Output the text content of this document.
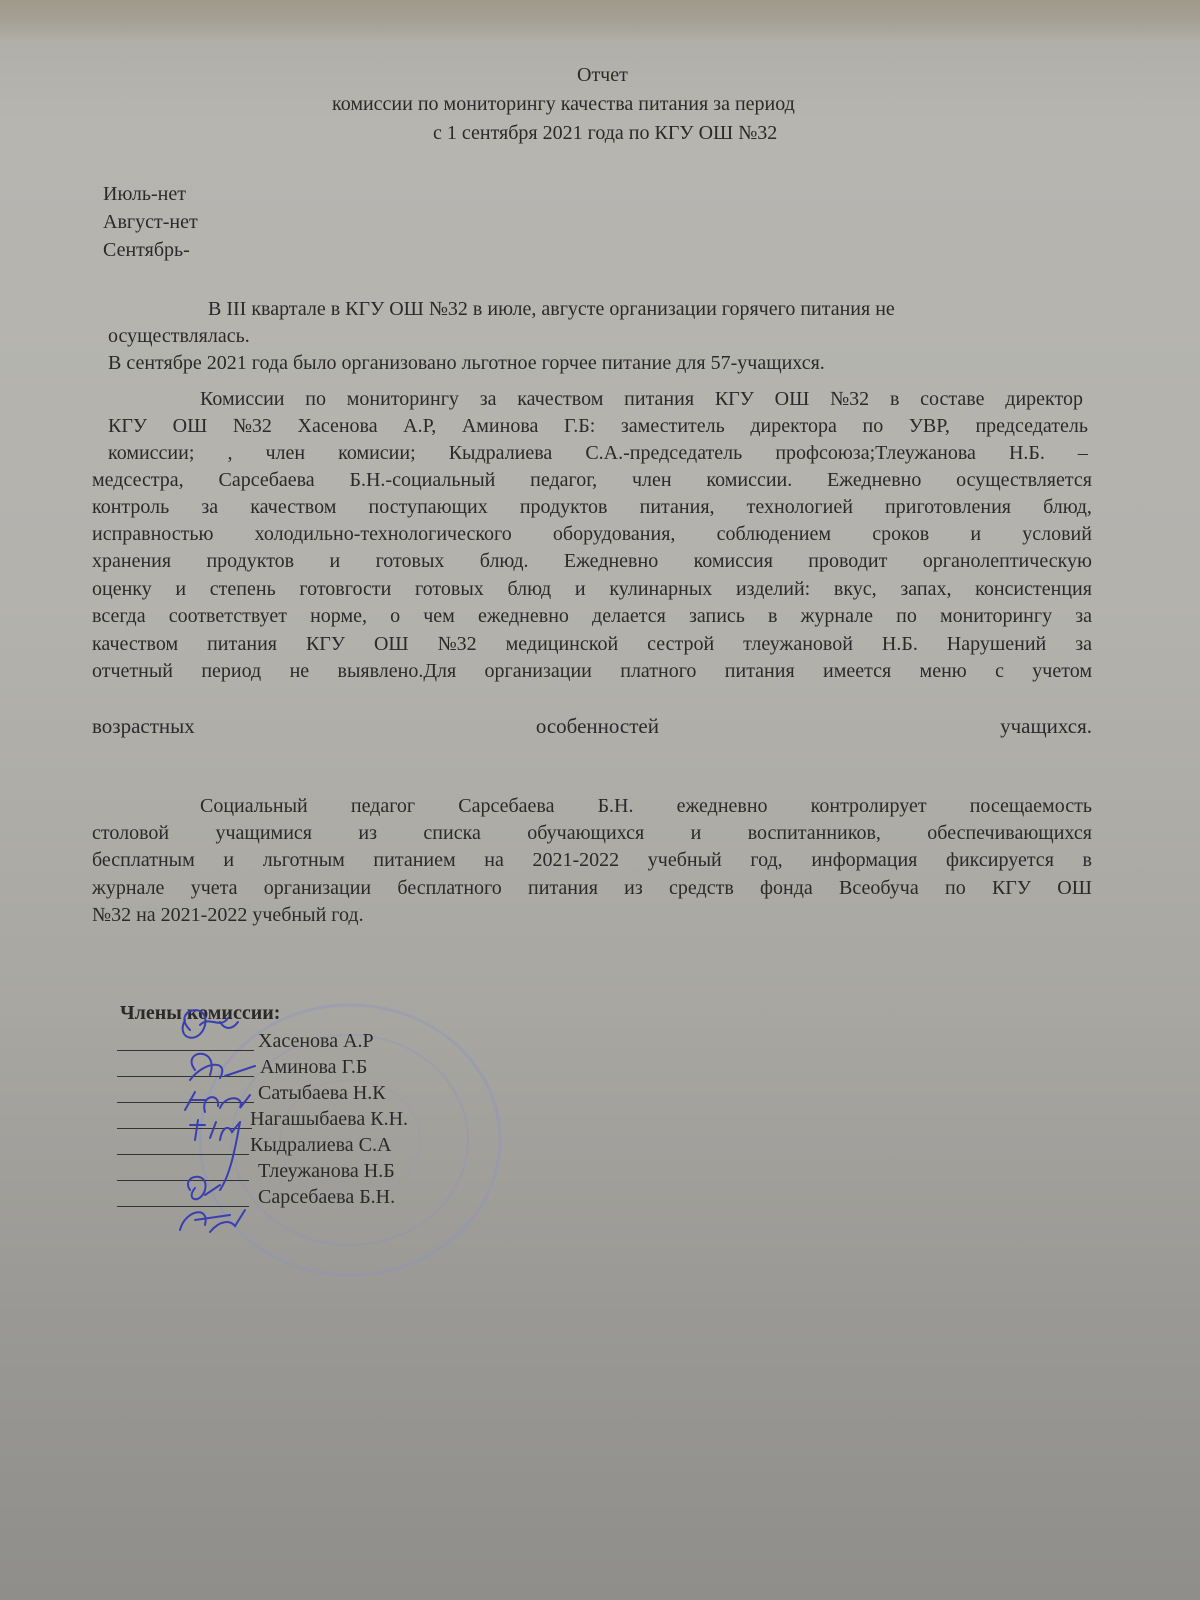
Отчет
комиссии по мониторингу качества питания за период
с 1 сентября 2021 года по КГУ ОШ №32
Июль-нет
Август-нет
Сентябрь-
В III квартале в КГУ ОШ №32 в июле, августе организации горячего питания не
осуществлялась.
В сентябре 2021 года было организовано льготное горчее питание для 57-учащихся.
Комиссии по мониторингу за качеством питания КГУ ОШ №32 в составе директор
КГУ ОШ №32 Хасенова А.Р, Аминова Г.Б: заместитель директора по УВР, председатель
комиссии; , член комисии; Кыдралиева С.А.-председатель профсоюза;Тлеужанова Н.Б. –
медсестра, Сарсебаева Б.Н.-социальный педагог, член комиссии. Ежедневно осуществляется
контроль за качеством поступающих продуктов питания, технологией приготовления блюд,
исправностью холодильно-технологического оборудования, соблюдением сроков и условий
хранения продуктов и готовых блюд. Ежедневно комиссия проводит органолептическую
оценку и степень готовгости готовых блюд и кулинарных изделий: вкус, запах, консистенция
всегда соответствует норме, о чем ежедневно делается запись в журнале по мониторингу за
качеством питания КГУ ОШ №32 медицинской сестрой тлеужановой Н.Б. Нарушений за
отчетный период не выявлено.Для организации платного питания имеется меню с учетом
возрастных	особенностей	учащихся.
Социальный педагог Сарсебаева Б.Н. ежедневно контролирует посещаемость
столовой учащимися из списка обучающихся и воспитанников, обеспечивающихся
бесплатным и льготным питанием на 2021-2022 учебный год, информация фиксируется в
журнале учета организации бесплатного питания из средств фонда Всеобуча по КГУ ОШ
№32 на 2021-2022 учебный год.
Члены комиссии:
Хасенова А.Р
Аминова Г.Б
Сатыбаева Н.К
Нагашыбаева К.Н.
Кыдралиева С.А
Тлеужанова Н.Б
Сарсебаева Б.Н.
